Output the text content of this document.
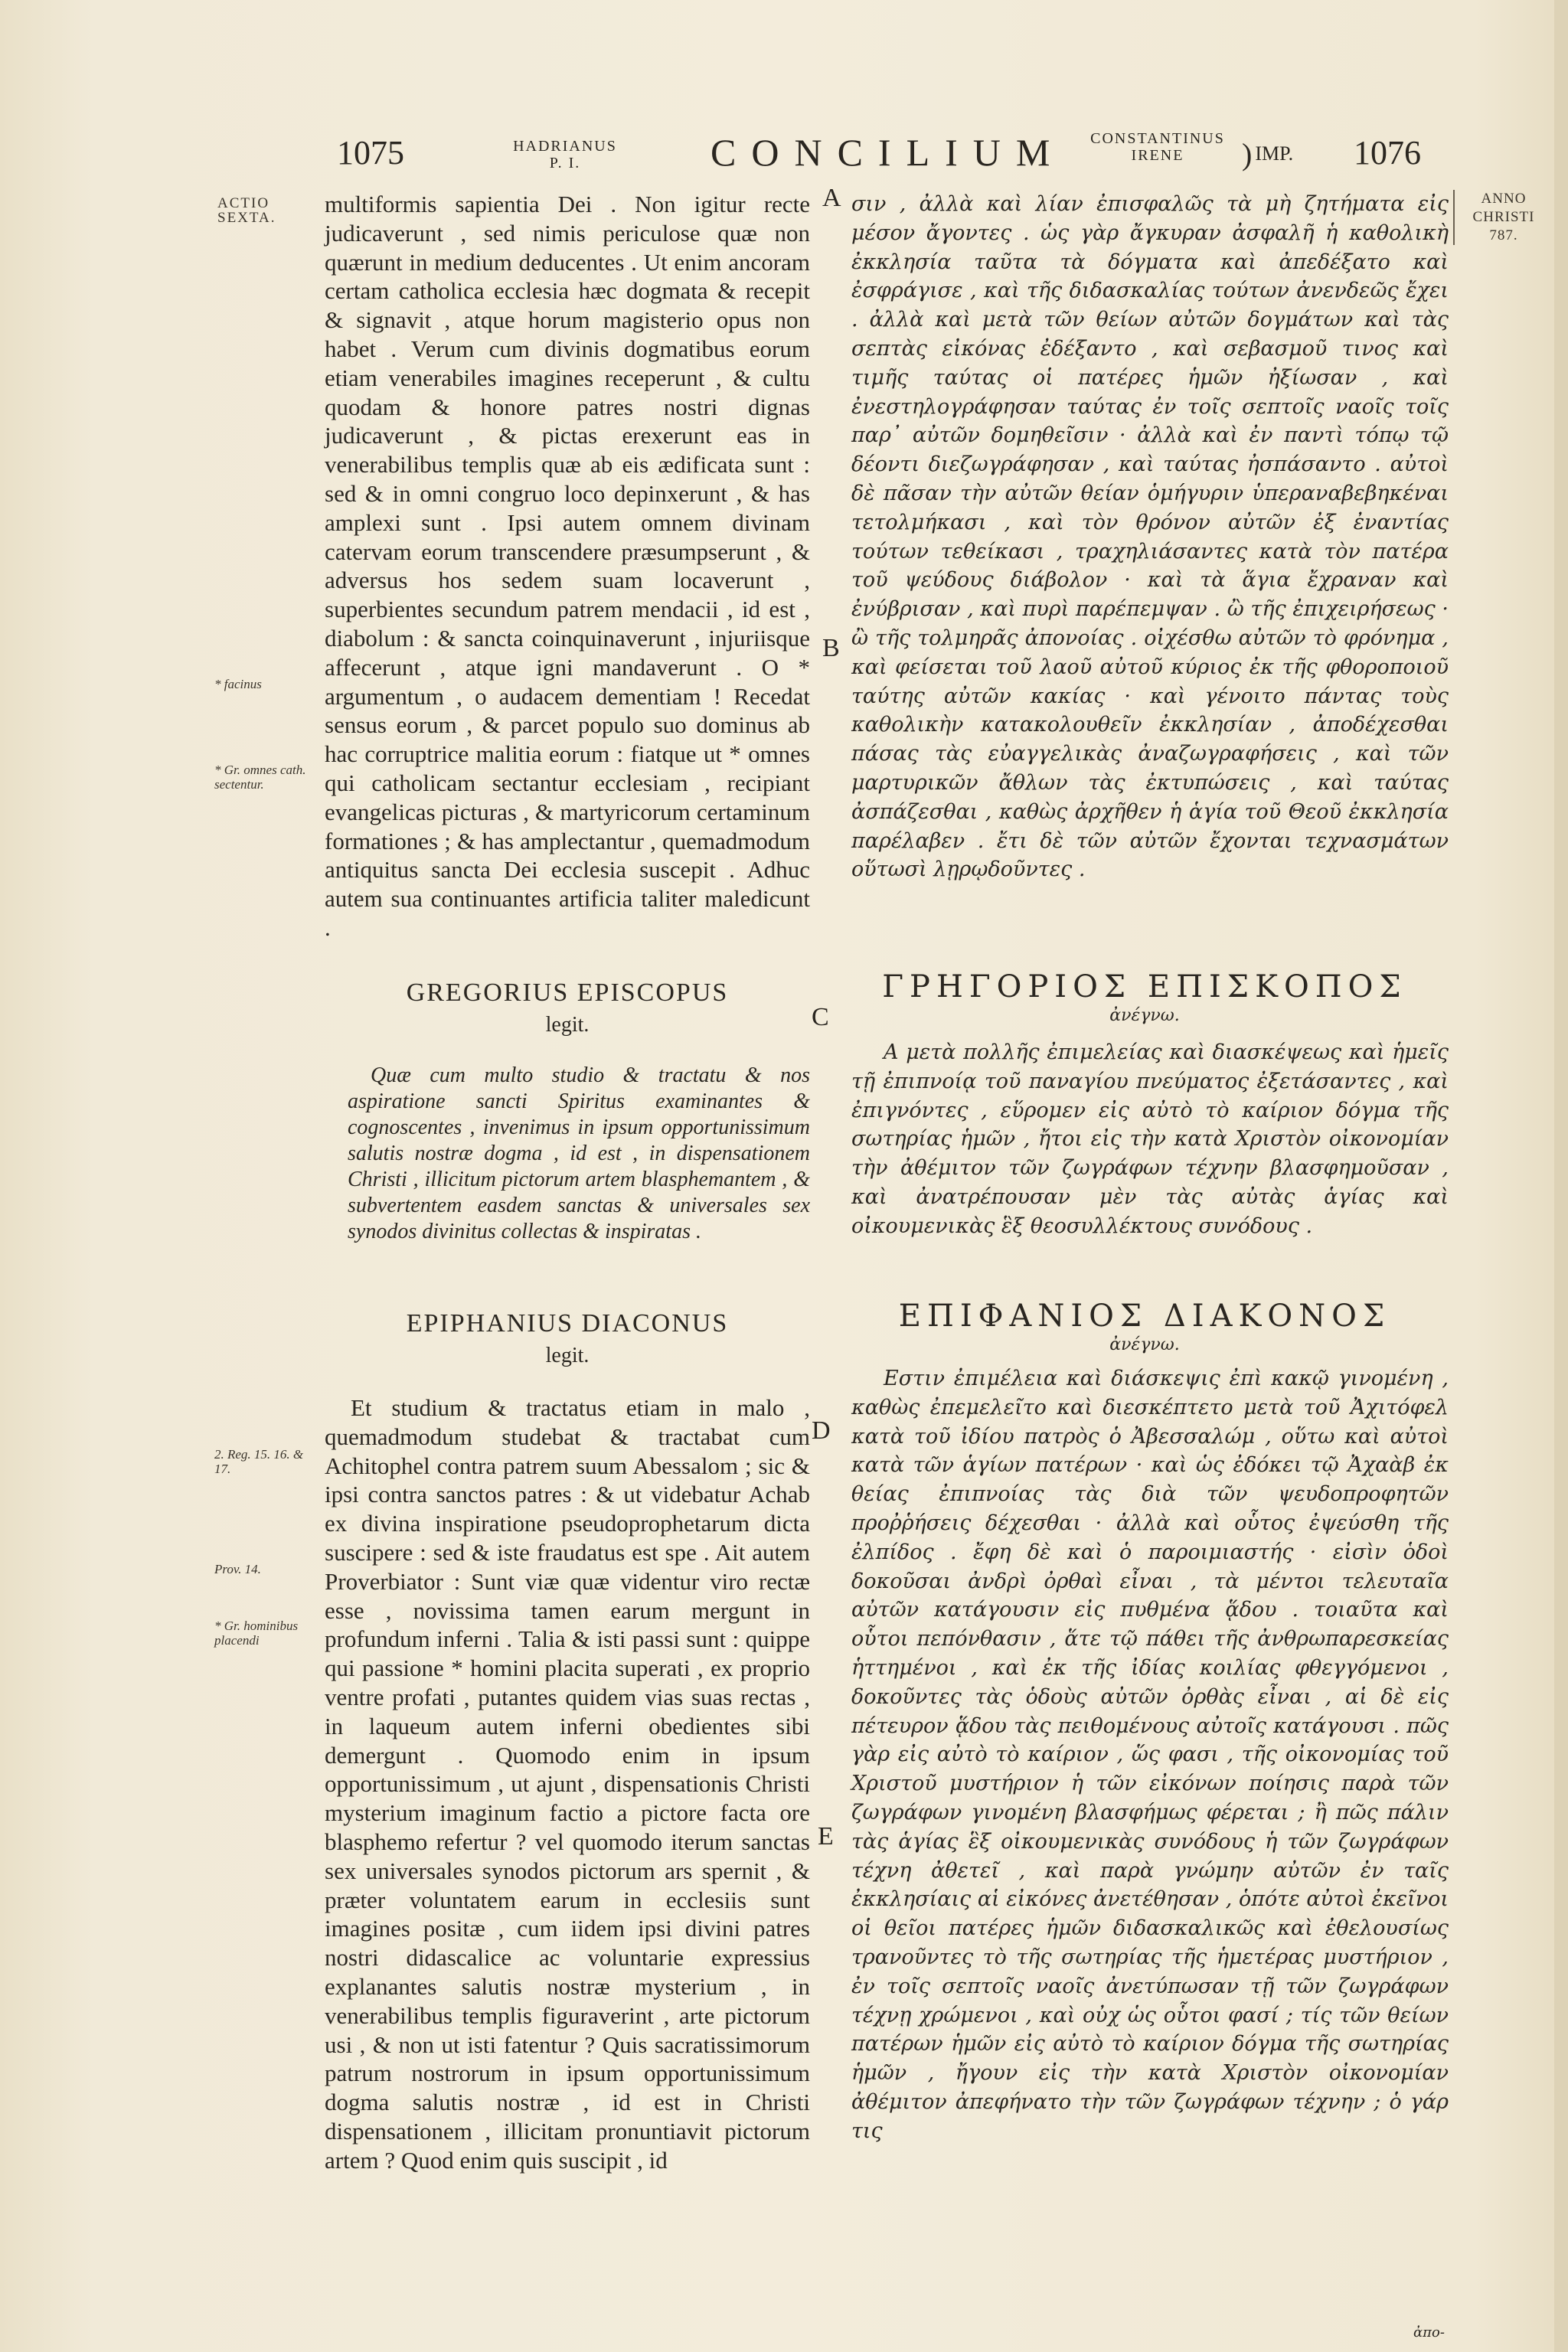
1075	HADRIANUS
P. I.	CONCILIUM	CONSTANTINUS
IRENE	) IMP. 1076
ACTIO
SEXTA.
ANNO
CHRISTI
787.
* facinus
* Gr. omnes cath. sectentur.
2. Reg. 15. 16. & 17.
Prov. 14.
* Gr. hominibus placendi
A
B
C
D
E

multiformis sapientia Dei . Non igitur recte judicaverunt , sed nimis periculose quæ non quærunt in medium deducentes . Ut enim ancoram certam catholica ecclesia hæc dogmata & recepit & signavit , atque horum magisterio opus non habet . Verum cum divinis dogmatibus eorum etiam venerabiles imagines receperunt , & cultu quodam & honore patres nostri dignas judicaverunt , & pictas erexerunt eas in venerabilibus templis quæ ab eis ædificata sunt : sed & in omni congruo loco depinxerunt , & has amplexi sunt . Ipsi autem omnem divinam catervam eorum transcendere præsumpserunt , & adversus hos sedem suam locaverunt , superbientes secundum patrem mendacii , id est , diabolum : & sancta coinquinaverunt , injuriisque affecerunt , atque igni mandaverunt . O * argumentum , o audacem dementiam ! Recedat sensus eorum , & parcet populo suo dominus ab hac corruptrice malitia eorum : fiatque ut * omnes qui catholicam sectantur ecclesiam , recipiant evangelicas picturas , & martyricorum certaminum formationes ; & has amplectantur , quemadmodum antiquitus sancta Dei ecclesia suscepit . Adhuc autem sua continuantes artificia taliter maledicunt .

GREGORIUS EPISCOPUS
legit.

Quæ cum multo studio & tractatu & nos aspiratione sancti Spiritus examinantes & cognoscentes , invenimus in ipsum opportunissimum salutis nostræ dogma , id est , in dispensationem Christi , illicitum pictorum artem blasphemantem , & subvertentem easdem sanctas & universales sex synodos divinitus collectas & inspiratas .

EPIPHANIUS DIACONUS
legit.

Et studium & tractatus etiam in malo , quemadmodum studebat & tractabat cum Achitophel contra patrem suum Abessalom ; sic & ipsi contra sanctos patres : & ut videbatur Achab ex divina inspiratione pseudoprophetarum dicta suscipere : sed & iste fraudatus est spe . Ait autem Proverbiator : Sunt viæ quæ videntur viro rectæ esse , novissima tamen earum mergunt in profundum inferni . Talia & isti passi sunt : quippe qui passione * homini placita superati , ex proprio ventre profati , putantes quidem vias suas rectas , in laqueum autem inferni obedientes sibi demergunt . Quomodo enim in ipsum opportunissimum , ut ajunt , dispensationis Christi mysterium imaginum factio a pictore facta ore blasphemo refertur ? vel quomodo iterum sanctas sex universales synodos pictorum ars spernit , & præter voluntatem earum in ecclesiis sunt imagines positæ , cum iidem ipsi divini patres nostri didascalice ac voluntarie expressius explanantes salutis nostræ mysterium , in venerabilibus templis figuraverint , arte pictorum usi , & non ut isti fatentur ? Quis sacratissimorum patrum nostrorum in ipsum opportunissimum dogma salutis nostræ , id est in Christi dispensationem , illicitam pronuntiavit pictorum artem ? Quod enim quis suscipit , id

σιν , ἀλλὰ καὶ λίαν ἐπισφαλῶς τὰ μὴ ζητήματα εἰς μέσον ἄγοντες . ὡς γὰρ ἄγκυραν ἀσφαλῆ ἡ καθολικὴ ἐκκλησία ταῦτα τὰ δόγματα καὶ ἀπεδέξατο καὶ ἐσφράγισε , καὶ τῆς διδασκαλίας τούτων ἀνενδεῶς ἔχει . ἀλλὰ καὶ μετὰ τῶν θείων αὐτῶν δογμάτων καὶ τὰς σεπτὰς εἰκόνας ἐδέξαντο , καὶ σεβασμοῦ τινος καὶ τιμῆς ταύτας οἱ πατέρες ἡμῶν ἠξίωσαν , καὶ ἐνεστηλογράφησαν ταύτας ἐν τοῖς σεπτοῖς ναοῖς τοῖς παρ᾽ αὐτῶν δομηθεῖσιν · ἀλλὰ καὶ ἐν παντὶ τόπῳ τῷ δέοντι διεζωγράφησαν , καὶ ταύτας ἠσπάσαντο . αὐτοὶ δὲ πᾶσαν τὴν αὐτῶν θείαν ὁμήγυριν ὑπεραναβεβηκέναι τετολμήκασι , καὶ τὸν θρόνον αὐτῶν ἐξ ἐναντίας τούτων τεθείκασι , τραχηλιάσαντες κατὰ τὸν πατέρα τοῦ ψεύδους διάβολον · καὶ τὰ ἅγια ἔχραναν καὶ ἐνύβρισαν , καὶ πυρὶ παρέπεμψαν . ὢ τῆς ἐπιχειρήσεως · ὢ τῆς τολμηρᾶς ἀπονοίας . οἰχέσθω αὐτῶν τὸ φρόνημα , καὶ φείσεται τοῦ λαοῦ αὐτοῦ κύριος ἐκ τῆς φθοροποιοῦ ταύτης αὐτῶν κακίας · καὶ γένοιτο πάντας τοὺς καθολικὴν κατακολουθεῖν ἐκκλησίαν , ἀποδέχεσθαι πάσας τὰς εὐαγγελικὰς ἀναζωγραφήσεις , καὶ τῶν μαρτυρικῶν ἄθλων τὰς ἐκτυπώσεις , καὶ ταύτας ἀσπάζεσθαι , καθὼς ἀρχῆθεν ἡ ἁγία τοῦ Θεοῦ ἐκκλησία παρέλαβεν . ἔτι δὲ τῶν αὐτῶν ἔχονται τεχνασμάτων οὕτωσὶ λῃρῳδοῦντες .

ΓΡΗΓΟΡΙΟΣ ΕΠΙΣΚΟΠΟΣ
ἀνέγνω.

Α μετὰ πολλῆς ἐπιμελείας καὶ διασκέψεως καὶ ἡμεῖς τῇ ἐπιπνοίᾳ τοῦ παναγίου πνεύματος ἐξετάσαντες , καὶ ἐπιγνόντες , εὕρομεν εἰς αὐτὸ τὸ καίριον δόγμα τῆς σωτηρίας ἡμῶν , ἤτοι εἰς τὴν κατὰ Χριστὸν οἰκονομίαν τὴν ἀθέμιτον τῶν ζωγράφων τέχνην βλασφημοῦσαν , καὶ ἀνατρέπουσαν μὲν τὰς αὐτὰς ἁγίας καὶ οἰκουμενικὰς ἓξ θεοσυλλέκτους συνόδους .

ΕΠΙΦΑΝΙΟΣ ΔΙΑΚΟΝΟΣ
ἀνέγνω.

Εστιν ἐπιμέλεια καὶ διάσκεψις ἐπὶ κακῷ γινομένη , καθὼς ἐπεμελεῖτο καὶ διεσκέπτετο μετὰ τοῦ Ἀχιτόφελ κατὰ τοῦ ἰδίου πατρὸς ὁ Ἀβεσσαλώμ , οὕτω καὶ αὐτοὶ κατὰ τῶν ἁγίων πατέρων · καὶ ὡς ἐδόκει τῷ Ἀχαὰβ ἐκ θείας ἐπιπνοίας τὰς διὰ τῶν ψευδοπροφητῶν προῤῥήσεις δέχεσθαι · ἀλλὰ καὶ οὗτος ἐψεύσθη τῆς ἐλπίδος . ἔφη δὲ καὶ ὁ παροιμιαστής · εἰσὶν ὁδοὶ δοκοῦσαι ἀνδρὶ ὀρθαὶ εἶναι , τὰ μέντοι τελευταῖα αὐτῶν κατάγουσιν εἰς πυθμένα ᾅδου . τοιαῦτα καὶ οὗτοι πεπόνθασιν , ἅτε τῷ πάθει τῆς ἀνθρωπαρεσκείας ἡττημένοι , καὶ ἐκ τῆς ἰδίας κοιλίας φθεγγόμενοι , δοκοῦντες τὰς ὁδοὺς αὐτῶν ὀρθὰς εἶναι , αἱ δὲ εἰς πέτευρον ᾅδου τὰς πειθομένους αὐτοῖς κατάγουσι . πῶς γὰρ εἰς αὐτὸ τὸ καίριον , ὥς φασι , τῆς οἰκονομίας τοῦ Χριστοῦ μυστήριον ἡ τῶν εἰκόνων ποίησις παρὰ τῶν ζωγράφων γινομένη βλασφήμως φέρεται ; ἢ πῶς πάλιν τὰς ἁγίας ἓξ οἰκουμενικὰς συνόδους ἡ τῶν ζωγράφων τέχνη ἀθετεῖ , καὶ παρὰ γνώμην αὐτῶν ἐν ταῖς ἐκκλησίαις αἱ εἰκόνες ἀνετέθησαν , ὁπότε αὐτοὶ ἐκεῖνοι οἱ θεῖοι πατέρες ἡμῶν διδασκαλικῶς καὶ ἐθελουσίως τρανοῦντες τὸ τῆς σωτηρίας τῆς ἡμετέρας μυστήριον , ἐν τοῖς σεπτοῖς ναοῖς ἀνετύπωσαν τῇ τῶν ζωγράφων τέχνῃ χρώμενοι , καὶ οὐχ ὡς οὗτοι φασί ; τίς τῶν θείων πατέρων ἡμῶν εἰς αὐτὸ τὸ καίριον δόγμα τῆς σωτηρίας ἡμῶν , ἤγουν εἰς τὴν κατὰ Χριστὸν οἰκονομίαν ἀθέμιτον ἀπεφήνατο τὴν τῶν ζωγράφων τέχνην ; ὁ γάρ τις

ἀπο-
